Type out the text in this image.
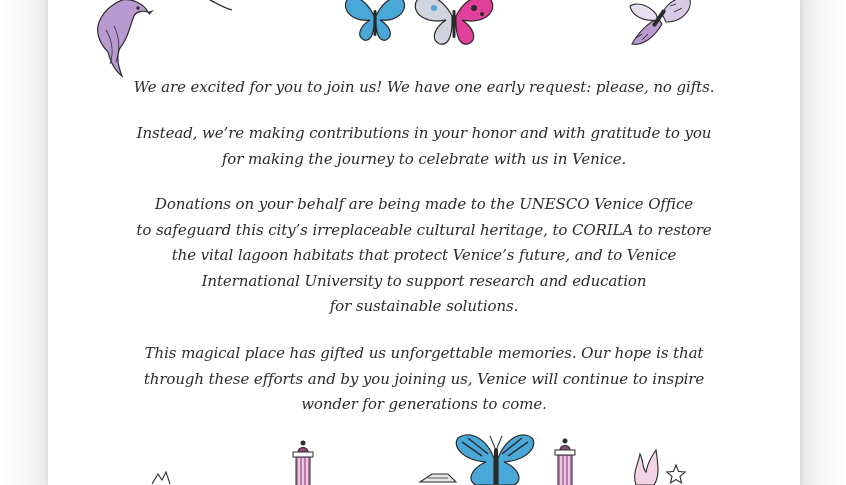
We are excited for you to join us! We have one early request: please, no gifts.

Instead, we’re making contributions in your honor and with gratitude to you
for making the journey to celebrate with us in Venice.

Donations on your behalf are being made to the UNESCO Venice Office
to safeguard this city’s irreplaceable cultural heritage, to CORILA to restore
the vital lagoon habitats that protect Venice’s future, and to Venice
International University to support research and education
for sustainable solutions.

This magical place has gifted us unforgettable memories. Our hope is that
through these efforts and by you joining us, Venice will continue to inspire
wonder for generations to come.
